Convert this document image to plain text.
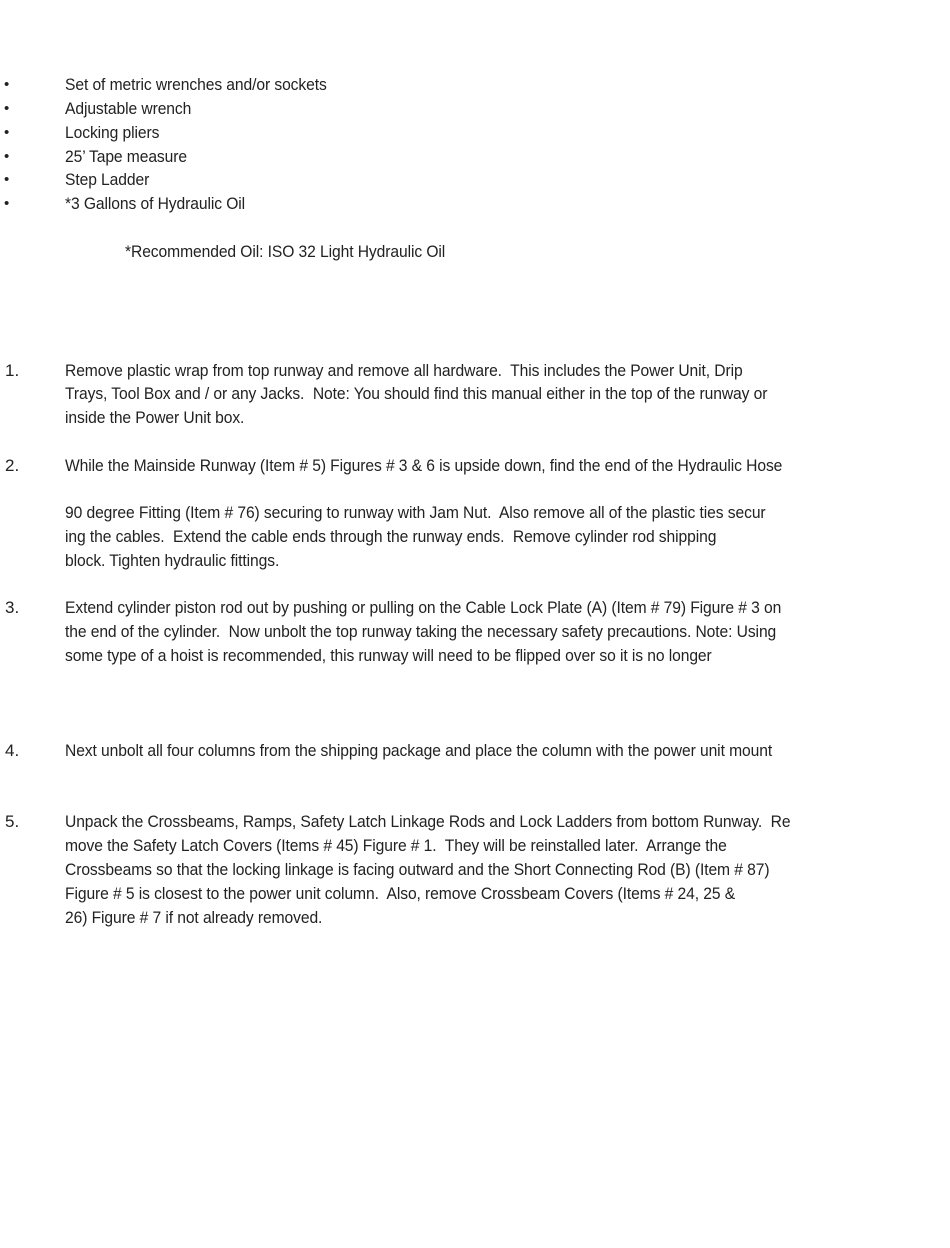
•	Set of metric wrenches and/or sockets
•	Adjustable wrench
•	Locking pliers
•	25’ Tape measure
•	Step Ladder
•	*3 Gallons of Hydraulic Oil
*Recommended Oil: ISO 32 Light Hydraulic Oil
1.	Remove plastic wrap from top runway and remove all hardware.  This includes the Power Unit, Drip
Trays, Tool Box and / or any Jacks.  Note: You should find this manual either in the top of the runway or
inside the Power Unit box.
2.	While the Mainside Runway (Item # 5) Figures # 3 & 6 is upside down, find the end of the Hydraulic Hose
90 degree Fitting (Item # 76) securing to runway with Jam Nut.  Also remove all of the plastic ties secur
ing the cables.  Extend the cable ends through the runway ends.  Remove cylinder rod shipping
block. Tighten hydraulic fittings.
3.	Extend cylinder piston rod out by pushing or pulling on the Cable Lock Plate (A) (Item # 79) Figure # 3 on
the end of the cylinder.  Now unbolt the top runway taking the necessary safety precautions. Note: Using
some type of a hoist is recommended, this runway will need to be flipped over so it is no longer
4.	Next unbolt all four columns from the shipping package and place the column with the power unit mount
5.	Unpack the Crossbeams, Ramps, Safety Latch Linkage Rods and Lock Ladders from bottom Runway.  Re
move the Safety Latch Covers (Items # 45) Figure # 1.  They will be reinstalled later.  Arrange the
Crossbeams so that the locking linkage is facing outward and the Short Connecting Rod (B) (Item # 87)
Figure # 5 is closest to the power unit column.  Also, remove Crossbeam Covers (Items # 24, 25 &
26) Figure # 7 if not already removed.
